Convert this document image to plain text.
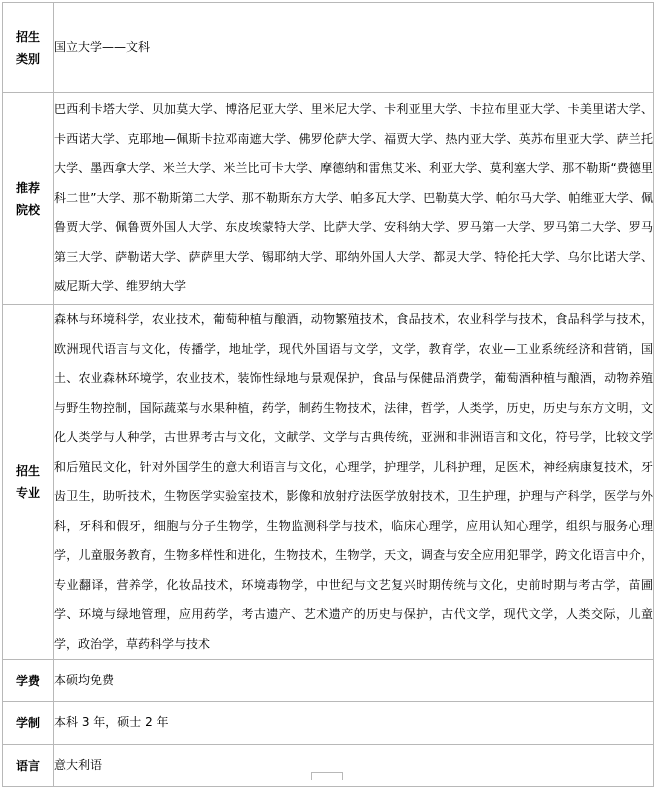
招生
类别	国立大学——文科

推荐
院校	巴西利卡塔大学、贝加莫大学、博洛尼亚大学、里米尼大学、卡利亚里大学、卡拉布里亚大学、卡美里诺大学、卡西诺大学、克耶地—佩斯卡拉邓南遮大学、佛罗伦萨大学、福贾大学、热内亚大学、英苏布里亚大学、萨兰托大学、墨西拿大学、米兰大学、米兰比可卡大学、摩德纳和雷焦艾米、利亚大学、莫利塞大学、那不勒斯“费德里科二世”大学、那不勒斯第二大学、那不勒斯东方大学、帕多瓦大学、巴勒莫大学、帕尔马大学、帕维亚大学、佩鲁贾大学、佩鲁贾外国人大学、东皮埃蒙特大学、比萨大学、安科纳大学、罗马第一大学、罗马第二大学、罗马第三大学、萨勒诺大学、萨萨里大学、锡耶纳大学、耶纳外国人大学、都灵大学、特伦托大学、乌尔比诺大学、威尼斯大学、维罗纳大学

招生
专业	森林与环境科学，农业技术，葡萄种植与酿酒，动物繁殖技术，食品技术，农业科学与技术，食品科学与技术，欧洲现代语言与文化，传播学，地址学，现代外国语与文学，文学，教育学，农业—工业系统经济和营销，国土、农业森林环境学，农业技术，装饰性绿地与景观保护，食品与保健品消费学，葡萄酒种植与酿酒，动物养殖与野生物控制，国际蔬菜与水果种植，药学，制药生物技术，法律，哲学，人类学，历史，历史与东方文明，文化人类学与人种学，古世界考古与文化，文献学、文学与古典传统，亚洲和非洲语言和文化，符号学，比较文学和后殖民文化，针对外国学生的意大利语言与文化，心理学，护理学，儿科护理，足医术，神经病康复技术，牙齿卫生，助听技术，生物医学实验室技术，影像和放射疗法医学放射技术，卫生护理，护理与产科学，医学与外科，牙科和假牙，细胞与分子生物学，生物监测科学与技术，临床心理学，应用认知心理学，组织与服务心理学，儿童服务教育，生物多样性和进化，生物技术，生物学，天文，调查与安全应用犯罪学，跨文化语言中介，专业翻译，营养学，化妆品技术，环境毒物学，中世纪与文艺复兴时期传统与文化，史前时期与考古学，苗圃学、环境与绿地管理，应用药学，考古遗产、艺术遗产的历史与保护，古代文学，现代文学，人类交际，儿童学，政治学，草药科学与技术

学费	本硕均免费

学制	本科 3 年，硕士 2 年

语言	意大利语
